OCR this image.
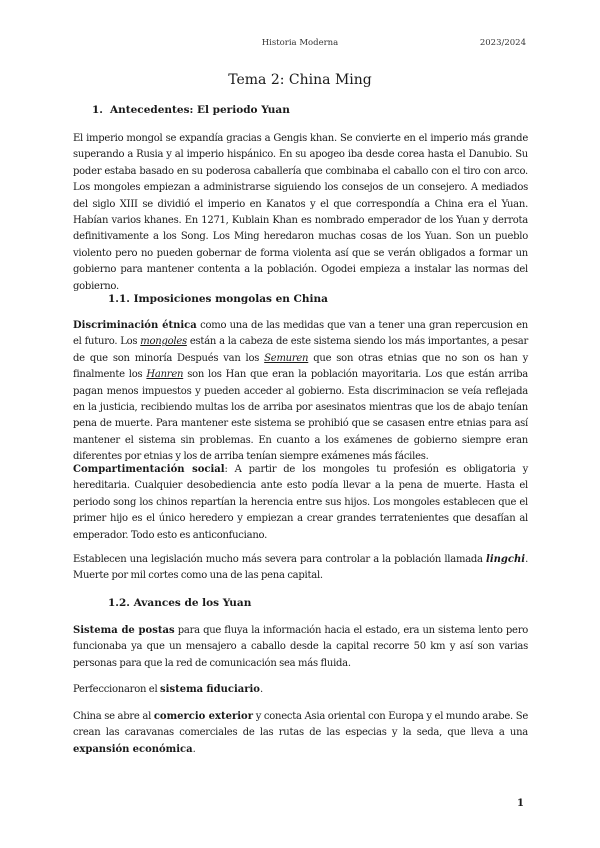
Historia Moderna	2023/2024
Tema 2: China Ming
1. Antecedentes: El periodo Yuan
El imperio mongol se expandía gracias a Gengis khan. Se convierte en el imperio más grande superando a Rusia y al imperio hispánico. En su apogeo iba desde corea hasta el Danubio. Su poder estaba basado en su poderosa caballería que combinaba el caballo con el tiro con arco. Los mongoles empiezan a administrarse siguiendo los consejos de un consejero. A mediados del siglo XIII se dividió el imperio en Kanatos y el que correspondía a China era el Yuan. Habían varios khanes. En 1271, Kublain Khan es nombrado emperador de los Yuan y derrota definitivamente a los Song. Los Ming heredaron muchas cosas de los Yuan. Son un pueblo violento pero no pueden gobernar de forma violenta así que se verán obligados a formar un gobierno para mantener contenta a la población. Ogodei empieza a instalar las normas del gobierno.
1.1. Imposiciones mongolas en China
Discriminación étnica como una de las medidas que van a tener una gran repercusion en el futuro. Los mongoles están a la cabeza de este sistema siendo los más importantes, a pesar de que son minoría Después van los Semuren que son otras etnias que no son os han y finalmente los Hanren son los Han que eran la población mayoritaria. Los que están arriba pagan menos impuestos y pueden acceder al gobierno. Esta discriminacion se veía reflejada en la justicia, recibiendo multas los de arriba por asesinatos mientras que los de abajo tenían pena de muerte. Para mantener este sistema se prohibió que se casasen entre etnias para así mantener el sistema sin problemas. En cuanto a los exámenes de gobierno siempre eran diferentes por etnias y los de arriba tenían siempre exámenes más fáciles.
Compartimentación social: A partir de los mongoles tu profesión es obligatoria y hereditaria. Cualquier desobediencia ante esto podía llevar a la pena de muerte. Hasta el periodo song los chinos repartían la herencia entre sus hijos. Los mongoles establecen que el primer hijo es el único heredero y empiezan a crear grandes terratenientes que desafían al emperador. Todo esto es anticonfuciano.
Establecen una legislación mucho más severa para controlar a la población llamada lingchi. Muerte por mil cortes como una de las pena capital.
1.2. Avances de los Yuan
Sistema de postas para que fluya la información hacia el estado, era un sistema lento pero funcionaba ya que un mensajero a caballo desde la capital recorre 50 km y así son varias personas para que la red de comunicación sea más fluida.
Perfeccionaron el sistema fiduciario.
China se abre al comercio exterior y conecta Asia oriental con Europa y el mundo arabe. Se crean las caravanas comerciales de las rutas de las especias y la seda, que lleva a una expansión económica.
1
